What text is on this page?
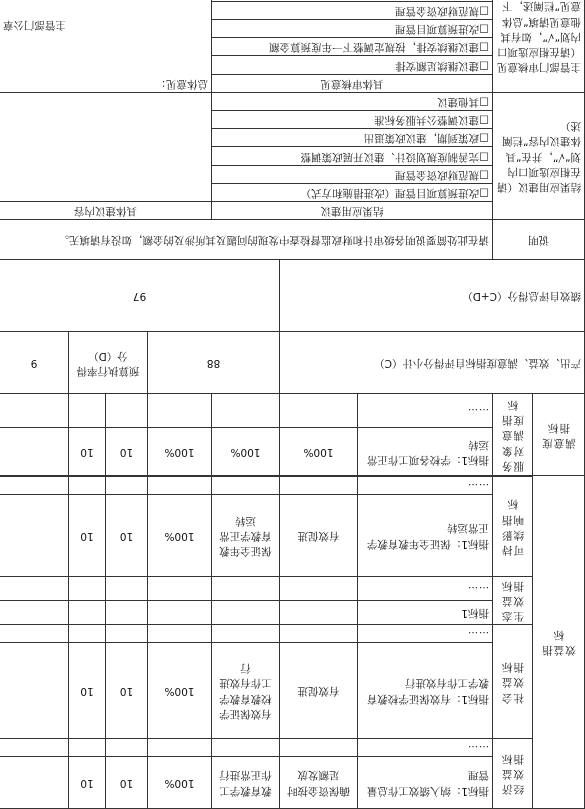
效益指标	经济效益指标	指标1：纳入绩效工作总量管理	确保资金按时足额发放	教育教学工作正常进行	100%	10	10	
		……						
	社会效益指标	指标1：有效保证学校教育教学工作有效进行	有效促进	有效保证学校教育教学工作有效进行	100%	10	10	
		……						
	生态效益指标	指标1						
		……						
	可持续影响指标	指标1：保证全年教育教学正常运转	有效促进	保证全年教育教学正常运转	100%	10	10	
		……						

满意度指标	服务对象满意度指标	指标1：学校各项工作正常运转	100%	100%	100%	10	10	
		……						
产出、效益、满意度指标自评得分小计（C）				88		预算执行率得分（D）		9
绩效自评总得分（C+D）				97				
说明		请在此处简要说明各级审计和财政监督检查中发现的问题及其所涉及的金额，如没有请填无。						
结果应用建议（请在相应选项口内划“√”，并在“具体建议内容”栏阐述）		结果应用建议			具体建议内容			
		□改进预算项目管理（改进措施和方式）						
		□规范财政资金管理						
		□完善制度规划设计、建议开展政策调整						
		□政策到期，建议政策退出						
		□建议调整公共服务标准						
		□其他建议						
主管部门审核意见（请在相应选项口内划“√”，如有其他意见请填“总体意见”栏阐述，下		具体审核意见			总体意见：
主管部门公章			

		□建议继续足额安排						
		□建议继续安排，按规定调整下一年度预算金额						
		□改进预算项目管理						
		□规范财政资金管理						
